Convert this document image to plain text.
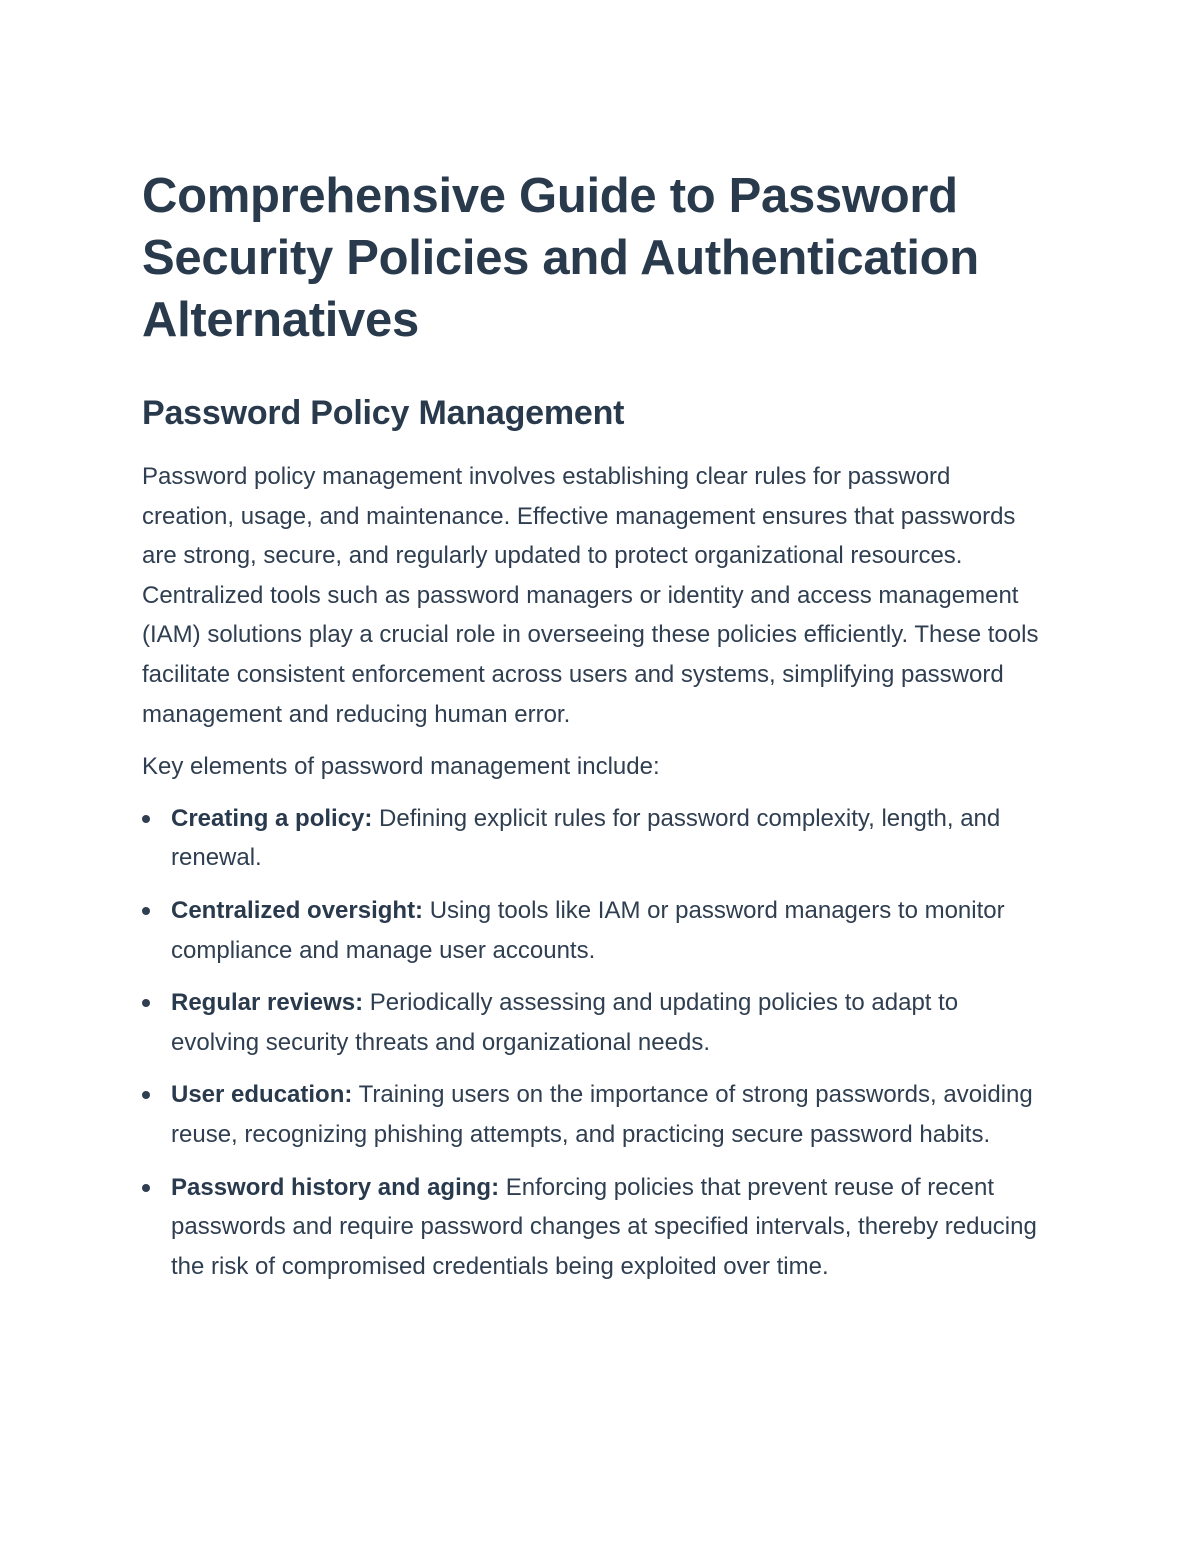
Comprehensive Guide to Password Security Policies and Authentication Alternatives
Password Policy Management

Password policy management involves establishing clear rules for password creation, usage, and maintenance. Effective management ensures that passwords are strong, secure, and regularly updated to protect organizational resources. Centralized tools such as password managers or identity and access management (IAM) solutions play a crucial role in overseeing these policies efficiently. These tools facilitate consistent enforcement across users and systems, simplifying password management and reducing human error.

Key elements of password management include:

Creating a policy: Defining explicit rules for password complexity, length, and renewal.
Centralized oversight: Using tools like IAM or password managers to monitor compliance and manage user accounts.
Regular reviews: Periodically assessing and updating policies to adapt to evolving security threats and organizational needs.
User education: Training users on the importance of strong passwords, avoiding reuse, recognizing phishing attempts, and practicing secure password habits.
Password history and aging: Enforcing policies that prevent reuse of recent passwords and require password changes at specified intervals, thereby reducing the risk of compromised credentials being exploited over time.
